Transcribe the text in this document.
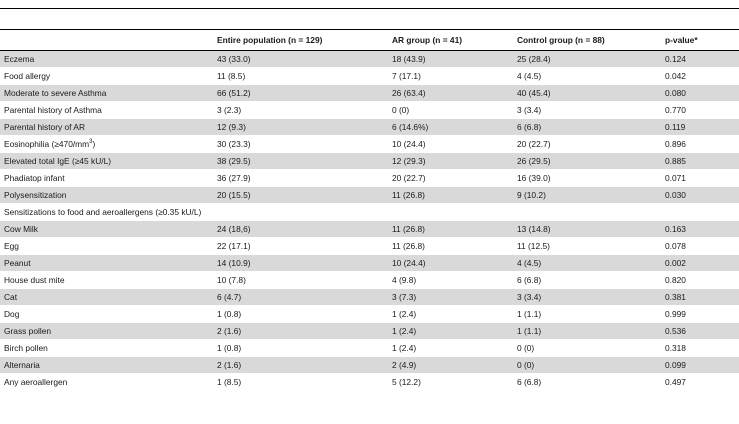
	Entire population (n = 129)	AR group (n = 41)	Control group (n = 88)	p-value*
Eczema	43 (33.0)	18 (43.9)	25 (28.4)	0.124
Food allergy	11 (8.5)	7 (17.1)	4 (4.5)	0.042
Moderate to severe Asthma	66 (51.2)	26 (63.4)	40 (45.4)	0.080
Parental history of Asthma	3 (2.3)	0 (0)	3 (3.4)	0.770
Parental history of AR	12 (9.3)	6 (14.6%)	6 (6.8)	0.119
Eosinophilia $(\ge 470/mm^3)$	30 (23.3)	10 (24.4)	20 (22.7)	0.896
Elevated total IgE (≥45 kU/L)	38 (29.5)	12 (29.3)	26 (29.5)	0.885
Phadiatop infant	36 (27.9)	20 (22.7)	16 (39.0)	0.071
Polysensitization	20 (15.5)	11 (26.8)	9 (10.2)	0.030
Sensitizations to food and aeroallergens (≥0.35 kU/L)				
Cow Milk	24 (18,6)	11 (26.8)	13 (14.8)	0.163
Egg	22 (17.1)	11 (26.8)	11 (12.5)	0.078
Peanut	14 (10.9)	10 (24.4)	4 (4.5)	0.002
House dust mite	10 (7.8)	4 (9.8)	6 (6.8)	0.820
Cat	6 (4.7)	3 (7.3)	3 (3.4)	0.381
Dog	1 (0.8)	1 (2.4)	1 (1.1)	0.999
Grass pollen	2 (1.6)	1 (2.4)	1 (1.1)	0.536
Birch pollen	1 (0.8)	1 (2.4)	0 (0)	0.318
Alternaria	2 (1.6)	2 (4.9)	0 (0)	0.099
Any aeroallergen	1 (8.5)	5 (12.2)	6 (6.8)	0.497
